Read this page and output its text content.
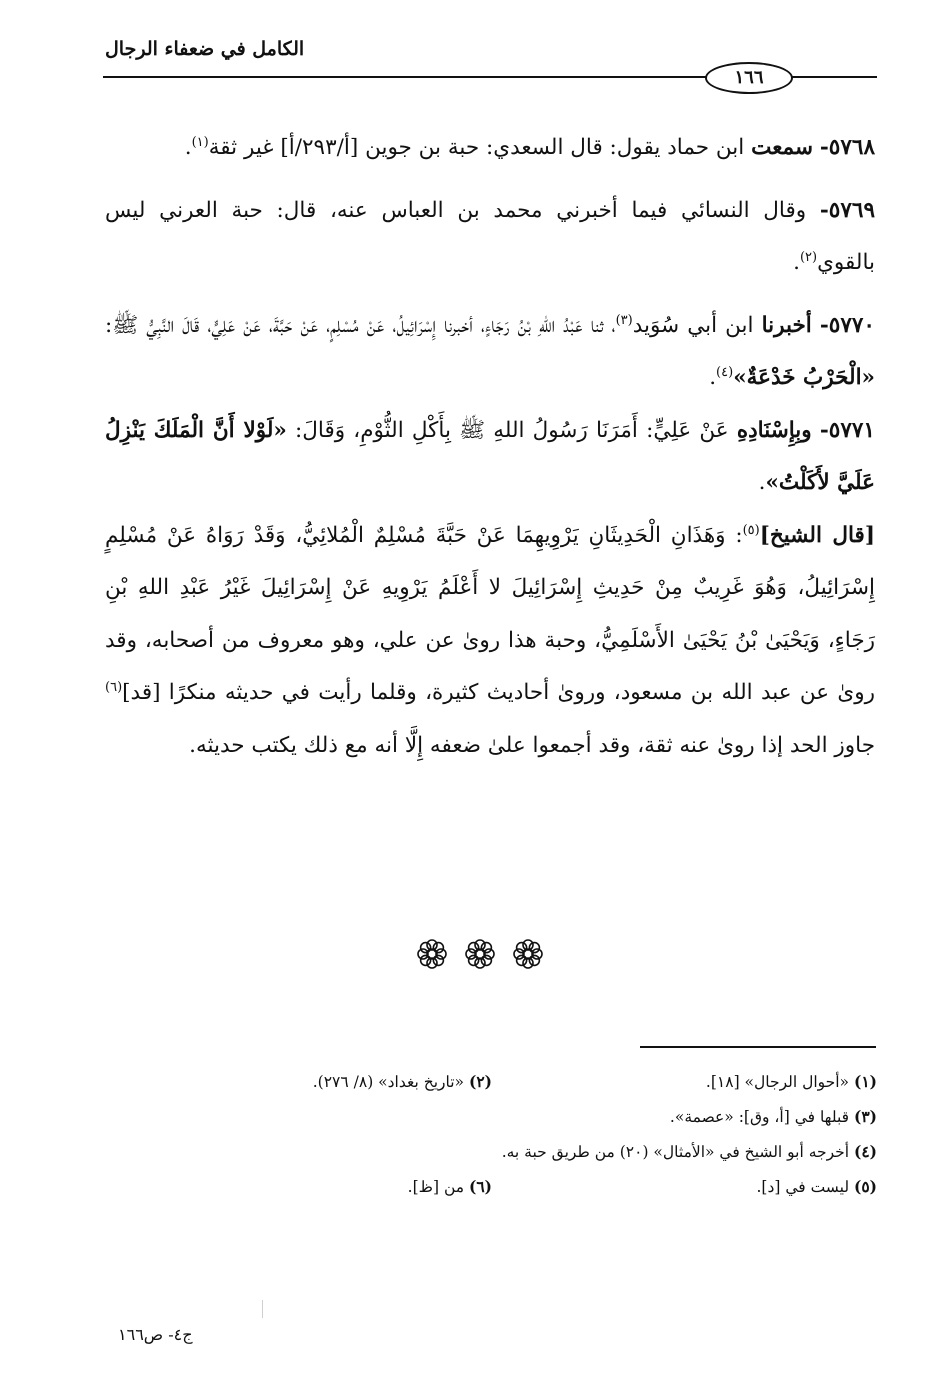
الكامل في ضعفاء الرجال
١٦٦

٥٧٦٨- سمعت ابن حماد يقول: قال السعدي: حبة بن جوين [أ/٢٩٣/أ] غير ثقة$^{(١)}$.

٥٧٦٩- وقال النسائي فيما أخبرني محمد بن العباس عنه، قال: حبة العرني ليس بالقوي$^{(٢)}$.

٥٧٧٠- أخبرنا ابن أبي سُوَيد$^{(٣)}$، ثنا عَبْدُ اللهِ بْنُ رَجَاءٍ، أخبرنا إِسْرَائِيلُ، عَنْ مُسْلِمٍ، عَنْ حَبَّةَ، عَنْ عَلِيٍّ، قَالَ النَّبِيُّ ﷺ: «الْحَرْبُ خَدْعَةٌ»$^{(٤)}$.

٥٧٧١- وبِإِسْنَادِهِ عَنْ عَلِيٍّ: أَمَرَنَا رَسُولُ اللهِ ﷺ بِأَكْلِ الثُّوْمِ، وَقَالَ: «لَوْلا أَنَّ الْمَلَكَ يَنْزِلُ عَلَيَّ لأَكَلْتُ».

[قال الشيخ]$^{(٥)}$: وَهَذَانِ الْحَدِيثَانِ يَرْوِيهِمَا عَنْ حَبَّةَ مُسْلِمٌ الْمُلائِيُّ، وَقَدْ رَوَاهُ عَنْ مُسْلِمٍ إِسْرَائِيلُ، وَهُوَ غَرِيبٌ مِنْ حَدِيثِ إِسْرَائِيلَ لا أَعْلَمُ يَرْوِيهِ عَنْ إِسْرَائِيلَ غَيْرُ عَبْدِ اللهِ بْنِ رَجَاءٍ، وَيَحْيَىٰ بْنُ يَحْيَىٰ الأَسْلَمِيُّ، وحبة هذا روىٰ عن علي، وهو معروف من أصحابه، وقد روىٰ عن عبد الله بن مسعود، وروىٰ أحاديث كثيرة، وقلما رأيت في حديثه منكرًا [قد]$^{(٦)}$ جاوز الحد إذا روىٰ عنه ثقة، وقد أجمعوا علىٰ ضعفه إِلَّا أنه مع ذلك يكتب حديثه.

(١) «أحوال الرجال» [١٨].
(٢) «تاريخ بغداد» (٨/ ٢٧٦).
(٣) قبلها في [أ، وق]: «عصمة».
(٤) أخرجه أبو الشيخ في «الأمثال» (٢٠) من طريق حبة به.
(٥) ليست في [د].
(٦) من [ظ].
ج٤- ص١٦٦
